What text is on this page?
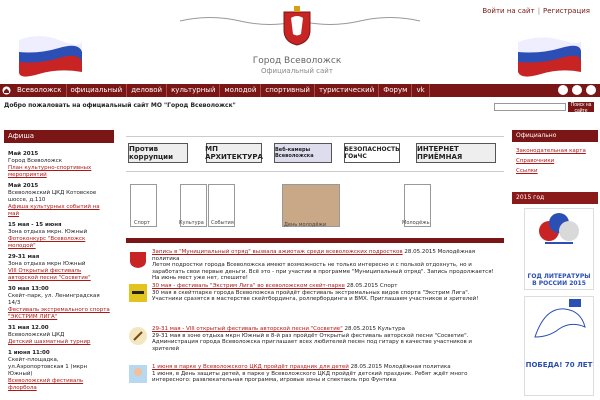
Город Всеволожск
Официальный сайт
Войти на сайт | Регистрация
Всеволожск	официальный	деловой	культурный	молодой	спортивный	туристический	Форум	vk
Добро пожаловать на официальный сайт МО "Город Всеволожск"	Поиск на сайте
Афиша
Май 2015
Город Всеволожск
План культурно-спортивных мероприятий
Май 2015
Всеволожский ЦКД Котовское шоссе, д.110
Афиша культурных событий на май
15 мая - 15 июня
Зона отдыха мкрн. Южный
Фотоконкурс "Всеволожск молодой"
29-31 мая
Зона отдыха мкрн Южный
VIII Открытый фестиваль авторской песни "Сосветие"
30 мая 13:00
Скейт-парк, ул. Ленинградская 14/3
Фестиваль экстремального спорта "ЭКСТРИМ ЛИГА"
31 мая 12.00
Всеволожский ЦКД
Детский шахматный турнир
1 июня 11:00
Скейт-площадка, ул.Аэропортовская 1 (мкрн Южный)
Всеволожский фестиваль флорбола
Против коррупции
МП АРХИТЕКТУРА
Веб-камеры Всеволожска
БЕЗОПАСНОСТЬ ГОиЧС
ИНТЕРНЕТ ПРИЁМНАЯ
Спорт	Культура События	День молодёжи	Молодёжь
Запись в "Муниципальный отряд" вызвала ажиотаж среди всеволожских подростков 28.05.2015 Молодёжная политика
Летом подростки города Всеволожска имеют возможность не только интересно и с пользой отдохнуть, но и заработать свои первые деньги. Всё это - при участии в программе "Муниципальный отряд". Запись продолжается! На июнь мест уже нет, спешите!
30 мая - фестиваль "Экстрим Лига" во всеволожском скейт-парке 28.05.2015 Спорт
30 мая в скейтпарке города Всеволожска пройдёт фестиваль экстремальных видов спорта "Экстрим Лига". Участники сразятся в мастерстве скейтбординга, роллербординга и BMX. Приглашаем участников и зрителей!
29-31 мая - VIII открытый фестиваль авторской песни "Сосветие" 28.05.2015 Культура
29-31 мая в зоне отдыха мкрн Южный в 8-й раз пройдёт Открытый фестиваль авторской песни "Сосветие". Администрация города Всеволожска приглашает всех любителей песен под гитару в качестве участников и зрителей
1 июня в парке у Всеволожского ЦКД пройдёт праздник для детей 28.05.2015 Молодёжная политика
1 июня, в День защиты детей, в парке у Всеволожского ЦКД пройдёт детский праздник. Ребят ждёт много интересного: развлекательная программа, игровые зоны и спектакль про Фунтика
Официально
Законодательная карта
Справочники
Ссылки
2015 год
ГОД ЛИТЕРАТУРЫ В РОССИИ 2015
ПОБЕДА! 70 ЛЕТ
